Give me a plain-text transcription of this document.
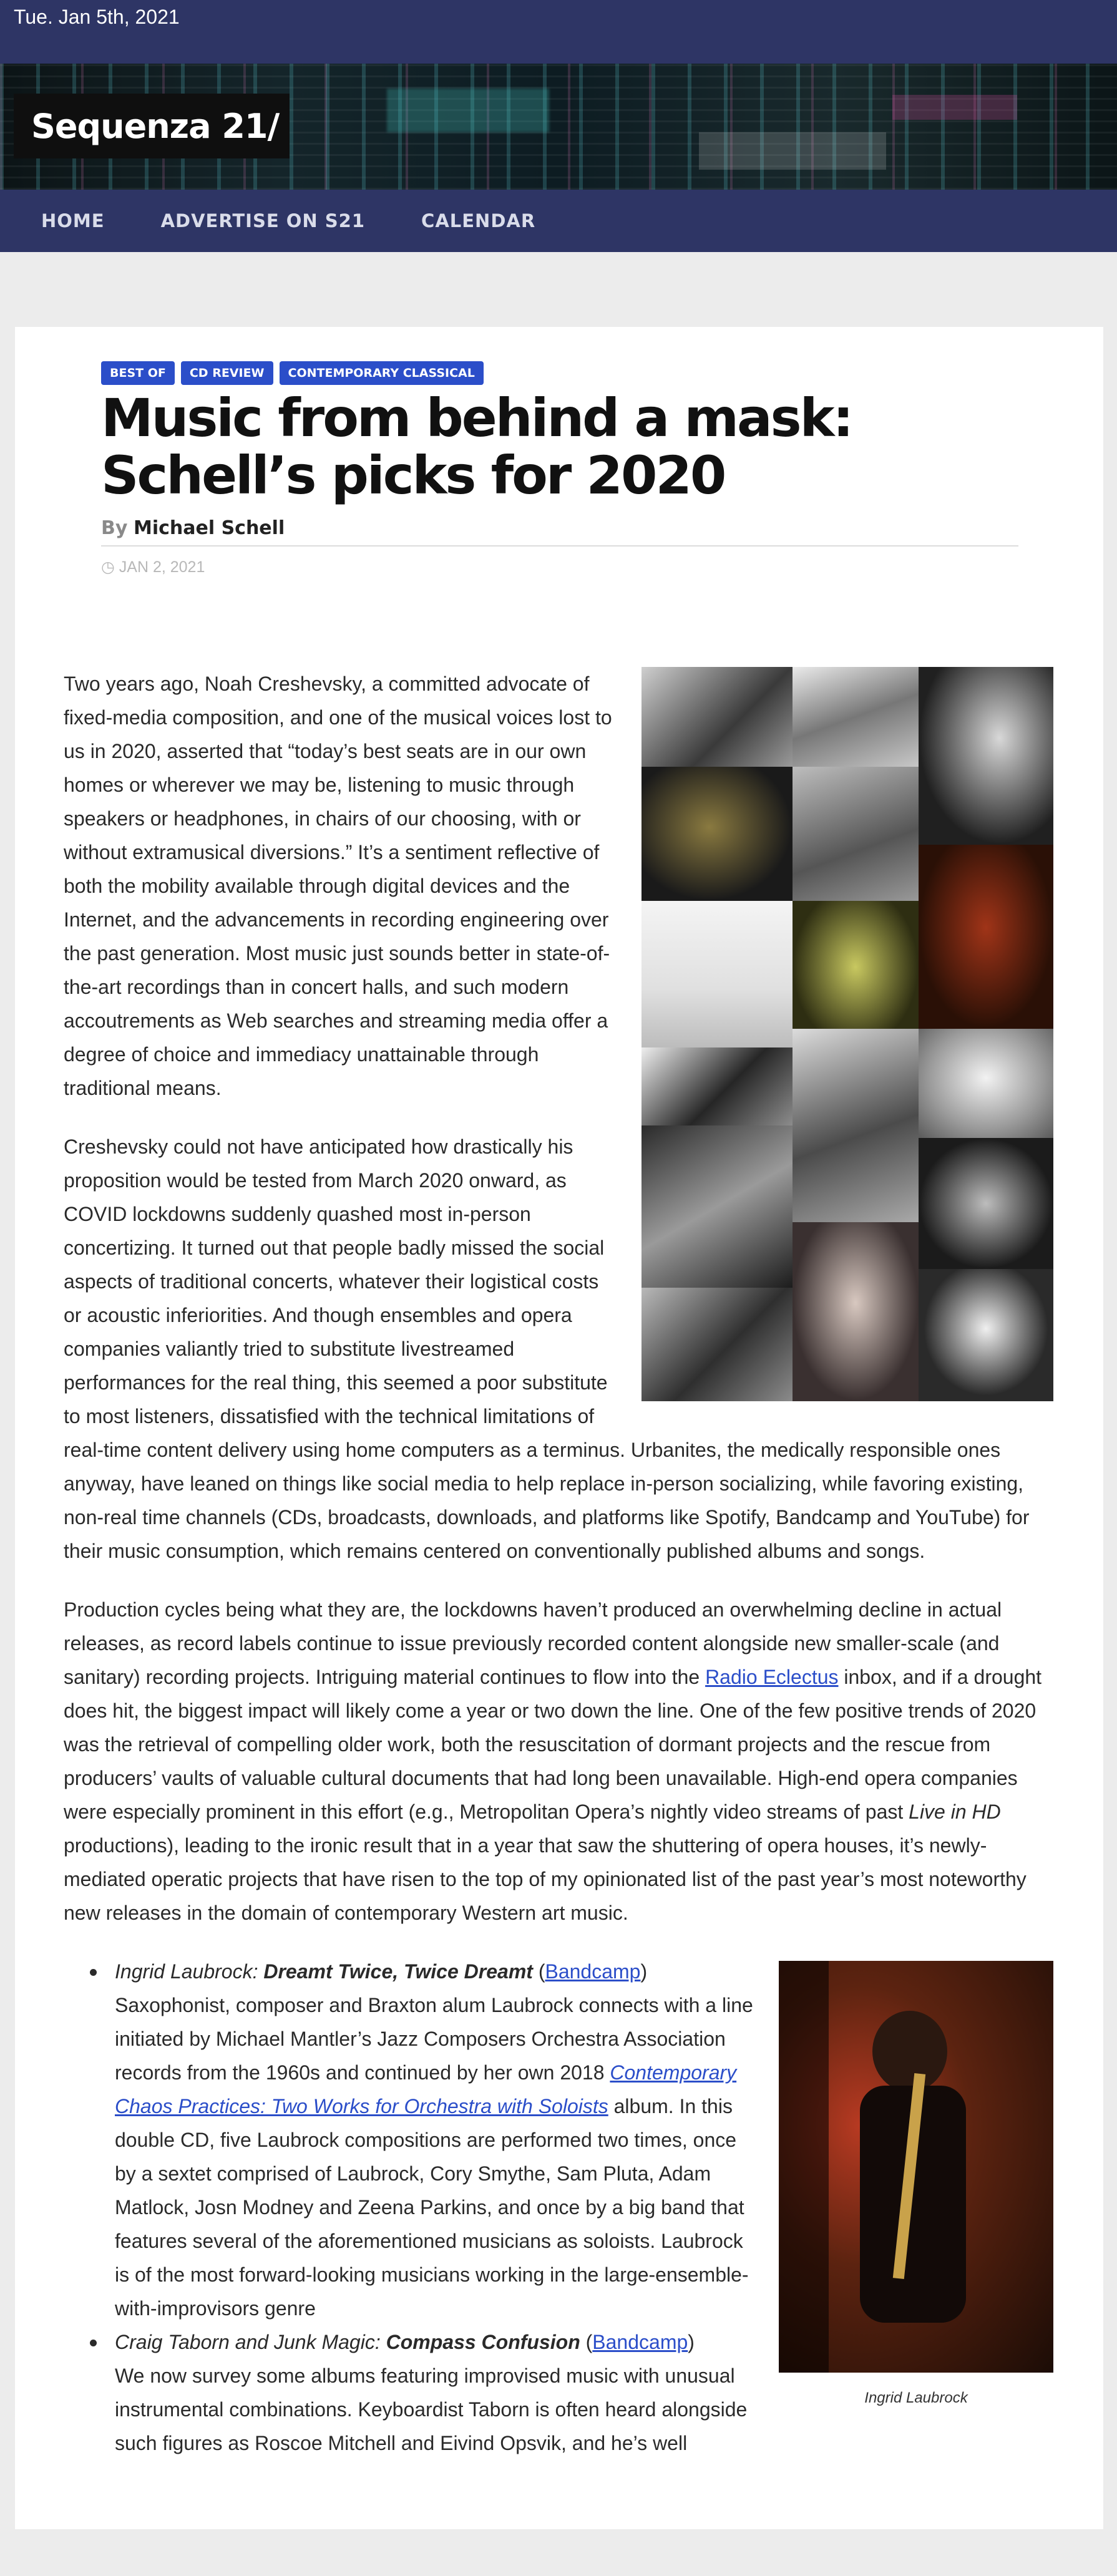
Tue. Jan 5th, 2021
Sequenza 21/
HOME	ADVERTISE ON S21	CALENDAR
BEST OF	CD REVIEW	CONTEMPORARY CLASSICAL
Music from behind a mask: Schell’s picks for 2020
By Michael Schell
◷ JAN 2, 2021

Two years ago, Noah Creshevsky, a committed advocate of fixed-media composition, and one of the musical voices lost to us in 2020, asserted that “today’s best seats are in our own homes or wherever we may be, listening to music through speakers or headphones, in chairs of our choosing, with or without extramusical diversions.” It’s a sentiment reflective of both the mobility available through digital devices and the Internet, and the advancements in recording engineering over the past generation. Most music just sounds better in state-of-the-art recordings than in concert halls, and such modern accoutrements as Web searches and streaming media offer a degree of choice and immediacy unattainable through traditional means.

Creshevsky could not have anticipated how drastically his proposition would be tested from March 2020 onward, as COVID lockdowns suddenly quashed most in-person concertizing. It turned out that people badly missed the social aspects of traditional concerts, whatever their logistical costs or acoustic inferiorities. And though ensembles and opera companies valiantly tried to substitute livestreamed performances for the real thing, this seemed a poor substitute to most listeners, dissatisfied with the technical limitations of real-time content delivery using home computers as a terminus. Urbanites, the medically responsible ones anyway, have leaned on things like social media to help replace in-person socializing, while favoring existing, non-real time channels (CDs, broadcasts, downloads, and platforms like Spotify, Bandcamp and YouTube) for their music consumption, which remains centered on conventionally published albums and songs.

Production cycles being what they are, the lockdowns haven’t produced an overwhelming decline in actual releases, as record labels continue to issue previously recorded content alongside new smaller-scale (and sanitary) recording projects. Intriguing material continues to flow into the Radio Eclectus inbox, and if a drought does hit, the biggest impact will likely come a year or two down the line. One of the few positive trends of 2020 was the retrieval of compelling older work, both the resuscitation of dormant projects and the rescue from producers’ vaults of valuable cultural documents that had long been unavailable. High-end opera companies were especially prominent in this effort (e.g., Metropolitan Opera’s nightly video streams of past Live in HD productions), leading to the ironic result that in a year that saw the shuttering of opera houses, it’s newly-mediated operatic projects that have risen to the top of my opinionated list of the past year’s most noteworthy new releases in the domain of contemporary Western art music.

Ingrid Laubrock
Ingrid Laubrock: Dreamt Twice, Twice Dreamt (Bandcamp)
Saxophonist, composer and Braxton alum Laubrock connects with a line initiated by Michael Mantler’s Jazz Composers Orchestra Association records from the 1960s and continued by her own 2018 Contemporary Chaos Practices: Two Works for Orchestra with Soloists album. In this double CD, five Laubrock compositions are performed two times, once by a sextet comprised of Laubrock, Cory Smythe, Sam Pluta, Adam Matlock, Josn Modney and Zeena Parkins, and once by a big band that features several of the aforementioned musicians as soloists. Laubrock is of the most forward-looking musicians working in the large-ensemble-with-improvisors genre
Craig Taborn and Junk Magic: Compass Confusion (Bandcamp)
We now survey some albums featuring improvised music with unusual instrumental combinations. Keyboardist Taborn is often heard alongside such figures as Roscoe Mitchell and Eivind Opsvik, and he’s well
